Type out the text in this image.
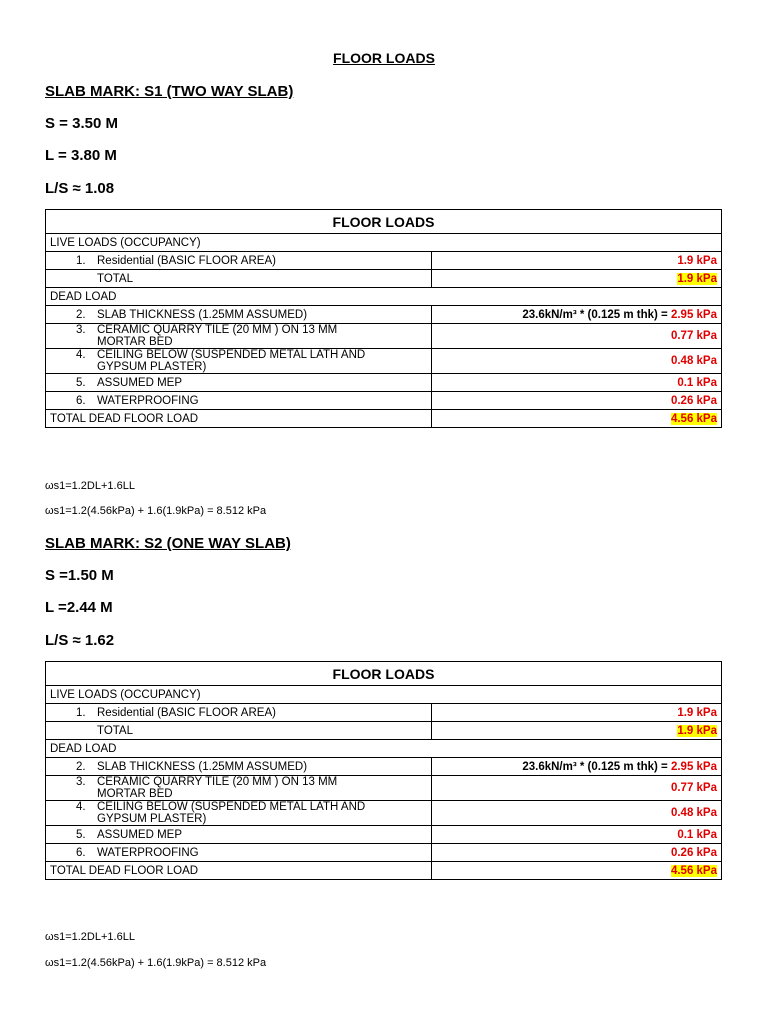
FLOOR LOADS
SLAB MARK: S1 (TWO WAY SLAB)
S = 3.50 M
L = 3.80 M
L/S ≈ 1.08
FLOOR LOADS	
LIVE LOADS (OCCUPANCY)	
1. Residential (BASIC FLOOR AREA)	1.9 kPa
TOTAL	1.9 kPa
DEAD LOAD	
2. SLAB THICKNESS (1.25MM ASSUMED)	23.6kN/m³ * (0.125 m thk) = 2.95 kPa
3. CERAMIC QUARRY TILE (20 MM ) ON 13 MM
MORTAR BED	0.77 kPa
4. CEILING BELOW (SUSPENDED METAL LATH AND
GYPSUM PLASTER)	0.48 kPa
5. ASSUMED MEP	0.1 kPa
6. WATERPROOFING	0.26 kPa
TOTAL DEAD FLOOR LOAD	4.56 kPa
ωs1=1.2DL+1.6LL
ωs1=1.2(4.56kPa) + 1.6(1.9kPa) = 8.512 kPa
SLAB MARK: S2 (ONE WAY SLAB)
S =1.50 M
L =2.44 M
L/S ≈ 1.62
FLOOR LOADS	
LIVE LOADS (OCCUPANCY)	
1. Residential (BASIC FLOOR AREA)	1.9 kPa
TOTAL	1.9 kPa
DEAD LOAD	
2. SLAB THICKNESS (1.25MM ASSUMED)	23.6kN/m³ * (0.125 m thk) = 2.95 kPa
3. CERAMIC QUARRY TILE (20 MM ) ON 13 MM
MORTAR BED	0.77 kPa
4. CEILING BELOW (SUSPENDED METAL LATH AND
GYPSUM PLASTER)	0.48 kPa
5. ASSUMED MEP	0.1 kPa
6. WATERPROOFING	0.26 kPa
TOTAL DEAD FLOOR LOAD	4.56 kPa
ωs1=1.2DL+1.6LL
ωs1=1.2(4.56kPa) + 1.6(1.9kPa) = 8.512 kPa
